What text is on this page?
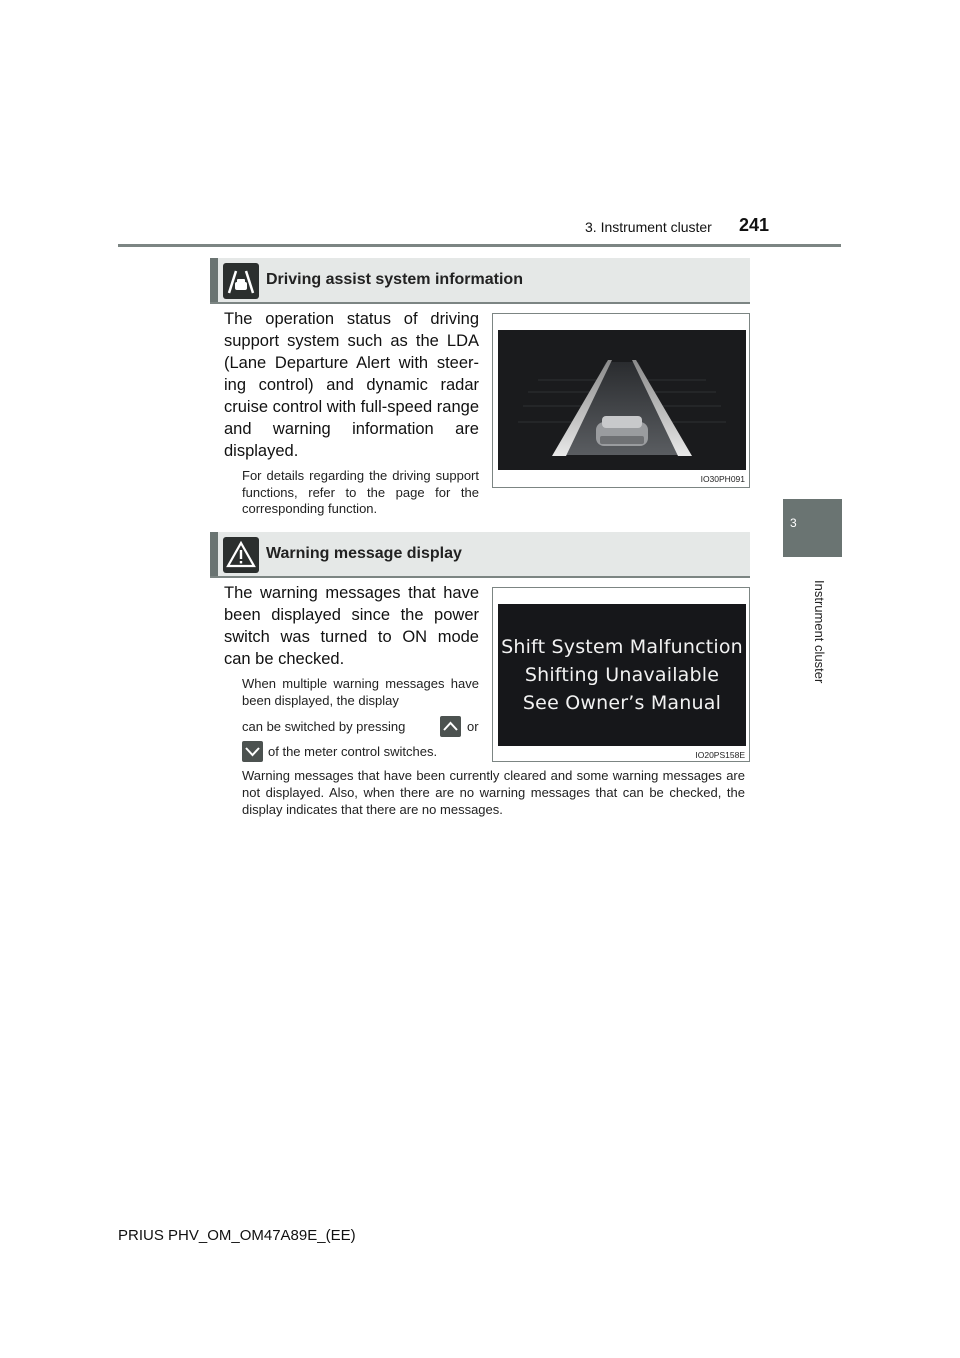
3. Instrument cluster 241
3
Instrument cluster
Driving assist system information
The operation status of driving support system such as the LDA (Lane Departure Alert with steer-ing control) and dynamic radar cruise control with full-speed range and warning information are displayed.
For details regarding the driving support functions, refer to the page for the corresponding function.
IO30PH091
Warning message display
The warning messages that have been displayed since the power switch was turned to ON mode can be checked.
When multiple warning messages have been displayed, the display
can be switched by pressing	or
of the meter control switches.
Warning messages that have been currently cleared and some warning messages are not displayed. Also, when there are no warning messages that can be checked, the display indicates that there are no messages.
Shift System Malfunction
Shifting Unavailable
See Owner’s Manual
IO20PS158E
PRIUS PHV_OM_OM47A89E_(EE)
